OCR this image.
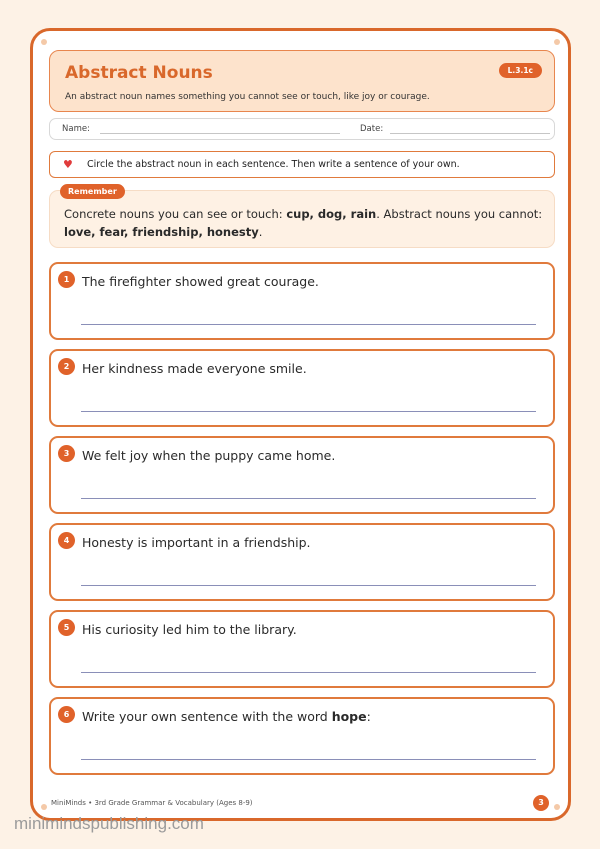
Abstract Nouns	L.3.1c
An abstract noun names something you cannot see or touch, like joy or courage.
Name:	Date:
♥ Circle the abstract noun in each sentence. Then write a sentence of your own.
Remember
Concrete nouns you can see or touch: cup, dog, rain. Abstract nouns you cannot: love, fear, friendship, honesty.
1	The firefighter showed great courage.
2	Her kindness made everyone smile.
3	We felt joy when the puppy came home.
4	Honesty is important in a friendship.
5	His curiosity led him to the library.
6	Write your own sentence with the word hope:
MiniMinds • 3rd Grade Grammar & Vocabulary (Ages 8-9)	3
minimindspublishing.com
